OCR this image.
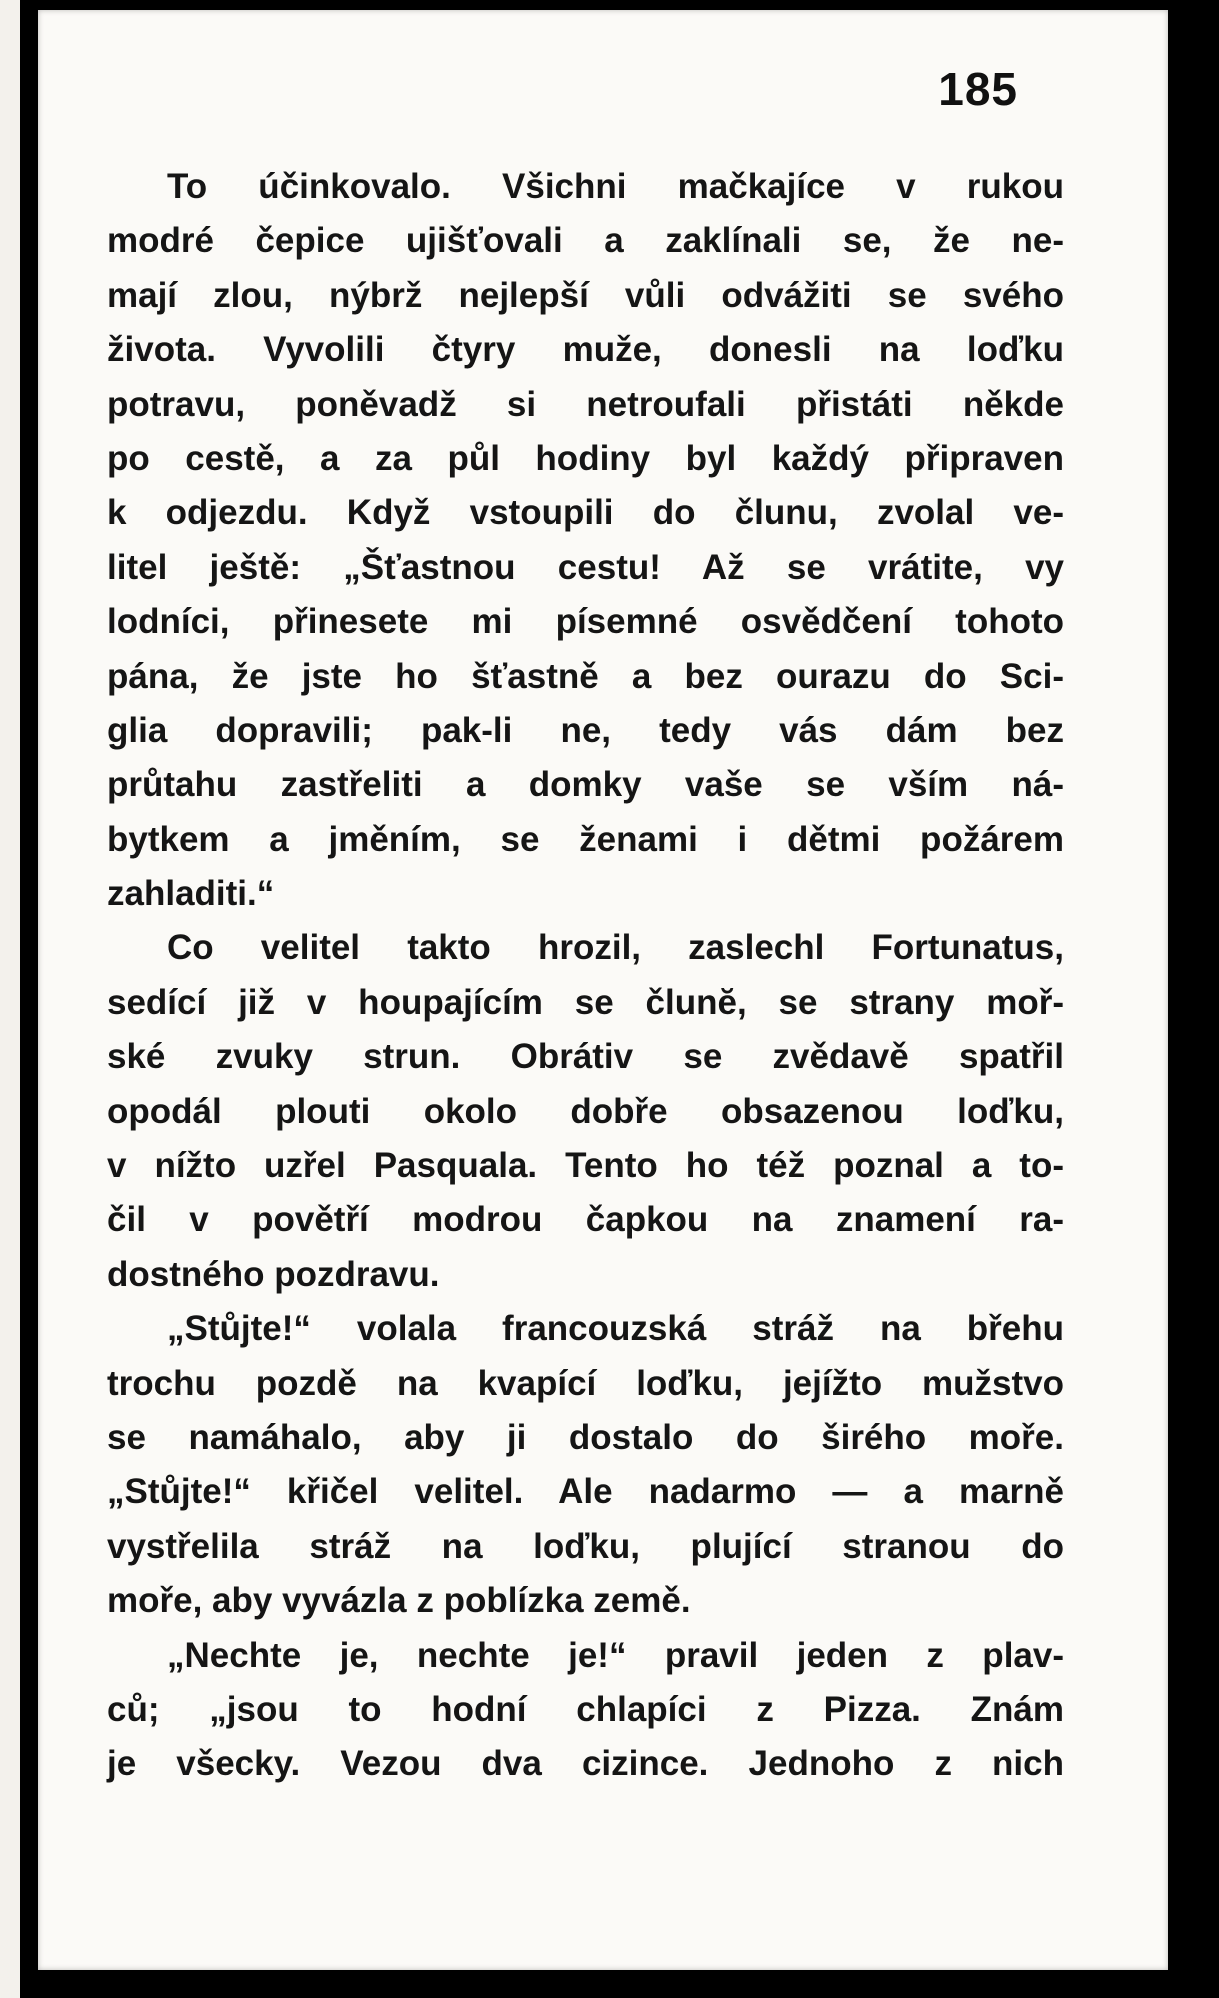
185
To účinkovalo. Všichni mačkajíce v rukou
modré čepice ujišťovali a zaklínali se, že ne-
mají zlou, nýbrž nejlepší vůli odvážiti se svého
života. Vyvolili čtyry muže, donesli na loďku
potravu, poněvadž si netroufali přistáti někde
po cestě, a za půl hodiny byl každý připraven
k odjezdu. Když vstoupili do člunu, zvolal ve-
litel ještě: „Šťastnou cestu! Až se vrátite, vy
lodníci, přinesete mi písemné osvědčení tohoto
pána, že jste ho šťastně a bez ourazu do Sci-
glia dopravili; pak-li ne, tedy vás dám bez
průtahu zastřeliti a domky vaše se vším ná-
bytkem a jměním, se ženami i dětmi požárem
zahladiti.“
Co velitel takto hrozil, zaslechl Fortunatus,
sedící již v houpajícím se člunĕ, se strany moř-
ské zvuky strun. Obrátiv se zvědavě spatřil
opodál plouti okolo dobře obsazenou loďku,
v nížto uzřel Pasquala. Tento ho též poznal a to-
čil v povětří modrou čapkou na znamení ra-
dostného pozdravu.
„Stůjte!“ volala francouzská stráž na břehu
trochu pozdě na kvapící loďku, jejížto mužstvo
se namáhalo, aby ji dostalo do širého moře.
„Stůjte!“ křičel velitel. Ale nadarmo — a marně
vystřelila stráž na loďku, plující stranou do
moře, aby vyvázla z poblízka země.
„Nechte je, nechte je!“ pravil jeden z plav-
ců; „jsou to hodní chlapíci z Pizza. Znám
je všecky. Vezou dva cizince. Jednoho z nich
